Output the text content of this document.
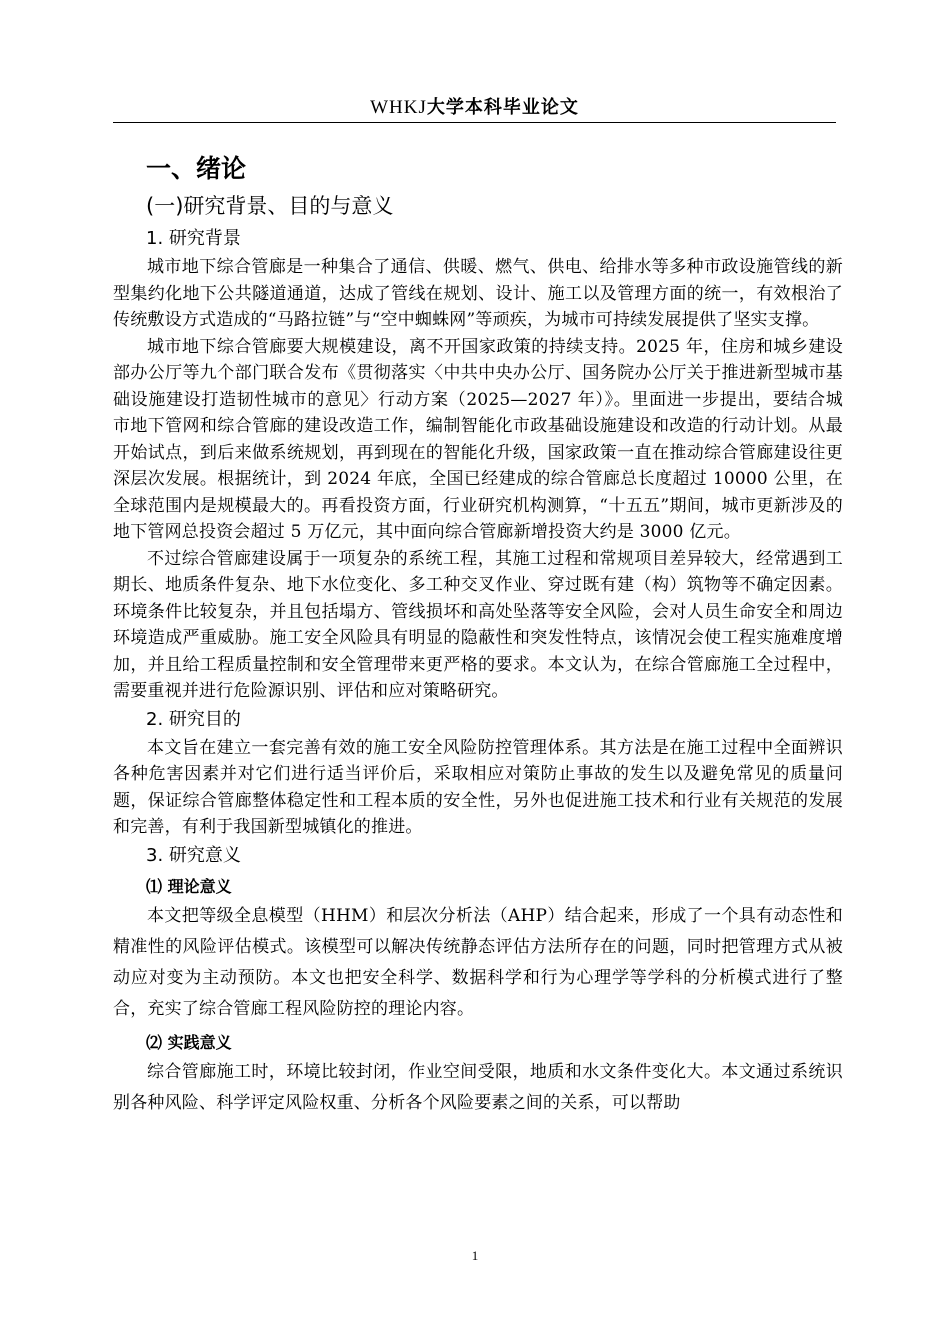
WHKJ大学本科毕业论文
一、绪论
(一)研究背景、目的与意义
1. 研究背景

城市地下综合管廊是一种集合了通信、供暖、燃气、供电、给排水等多种市政设施管线的新型集约化地下公共隧道通道，达成了管线在规划、设计、施工以及管理方面的统一，有效根治了传统敷设方式造成的“马路拉链”与“空中蜘蛛网”等顽疾，为城市可持续发展提供了坚实支撑。

城市地下综合管廊要大规模建设，离不开国家政策的持续支持。2025 年，住房和城乡建设部办公厅等九个部门联合发布《贯彻落实〈中共中央办公厅、国务院办公厅关于推进新型城市基础设施建设打造韧性城市的意见〉行动方案（2025—2027 年）》。里面进一步提出，要结合城市地下管网和综合管廊的建设改造工作，编制智能化市政基础设施建设和改造的行动计划。从最开始试点，到后来做系统规划，再到现在的智能化升级，国家政策一直在推动综合管廊建设往更深层次发展。根据统计，到 2024 年底，全国已经建成的综合管廊总长度超过 10000 公里，在全球范围内是规模最大的。再看投资方面，行业研究机构测算，“十五五”期间，城市更新涉及的地下管网总投资会超过 5 万亿元，其中面向综合管廊新增投资大约是 3000 亿元。

不过综合管廊建设属于一项复杂的系统工程，其施工过程和常规项目差异较大，经常遇到工期长、地质条件复杂、地下水位变化、多工种交叉作业、穿过既有建（构）筑物等不确定因素。环境条件比较复杂，并且包括塌方、管线损坏和高处坠落等安全风险，会对人员生命安全和周边环境造成严重威胁。施工安全风险具有明显的隐蔽性和突发性特点，该情况会使工程实施难度增加，并且给工程质量控制和安全管理带来更严格的要求。本文认为，在综合管廊施工全过程中，需要重视并进行危险源识别、评估和应对策略研究。

2. 研究目的

本文旨在建立一套完善有效的施工安全风险防控管理体系。其方法是在施工过程中全面辨识各种危害因素并对它们进行适当评价后，采取相应对策防止事故的发生以及避免常见的质量问题，保证综合管廊整体稳定性和工程本质的安全性，另外也促进施工技术和行业有关规范的发展和完善，有利于我国新型城镇化的推进。

3. 研究意义
⑴ 理论意义

本文把等级全息模型（HHM）和层次分析法（AHP）结合起来，形成了一个具有动态性和精准性的风险评估模式。该模型可以解决传统静态评估方法所存在的问题，同时把管理方式从被动应对变为主动预防。本文也把安全科学、数据科学和行为心理学等学科的分析模式进行了整合，充实了综合管廊工程风险防控的理论内容。

⑵ 实践意义

综合管廊施工时，环境比较封闭，作业空间受限，地质和水文条件变化大。本文通过系统识别各种风险、科学评定风险权重、分析各个风险要素之间的关系，可以帮助

1
